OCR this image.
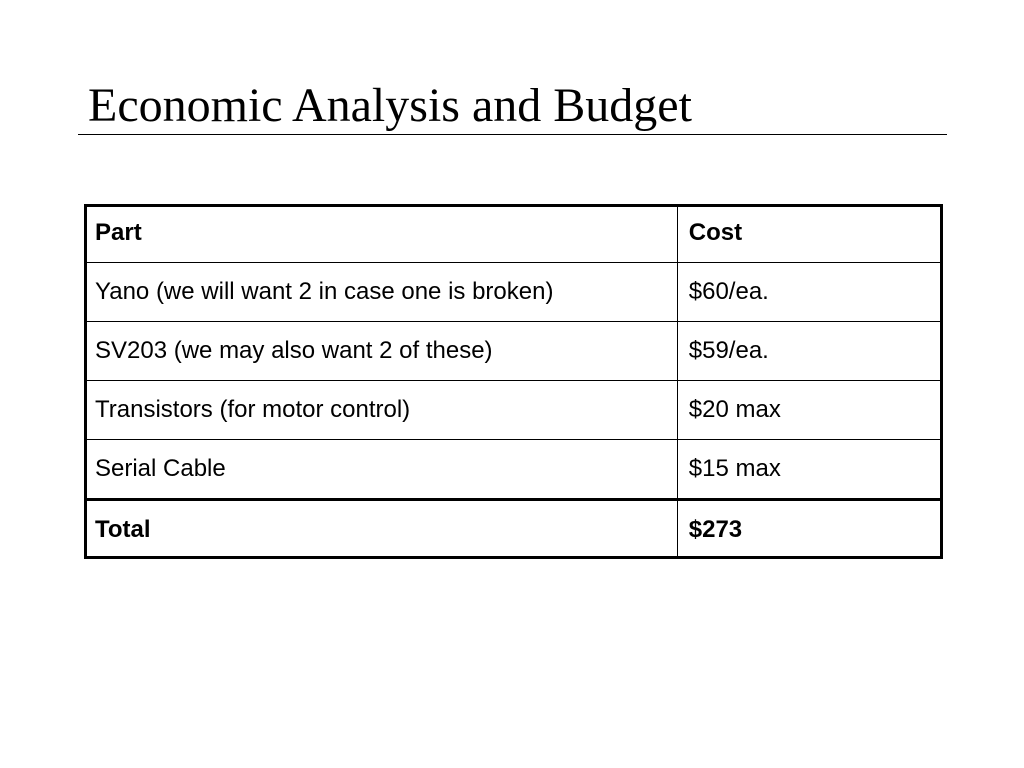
Economic Analysis and Budget
Part	Cost
Yano (we will want 2 in case one is broken)	$60/ea.
SV203 (we may also want 2 of these)	$59/ea.
Transistors (for motor control)	$20 max
Serial Cable	$15 max
Total	$273
